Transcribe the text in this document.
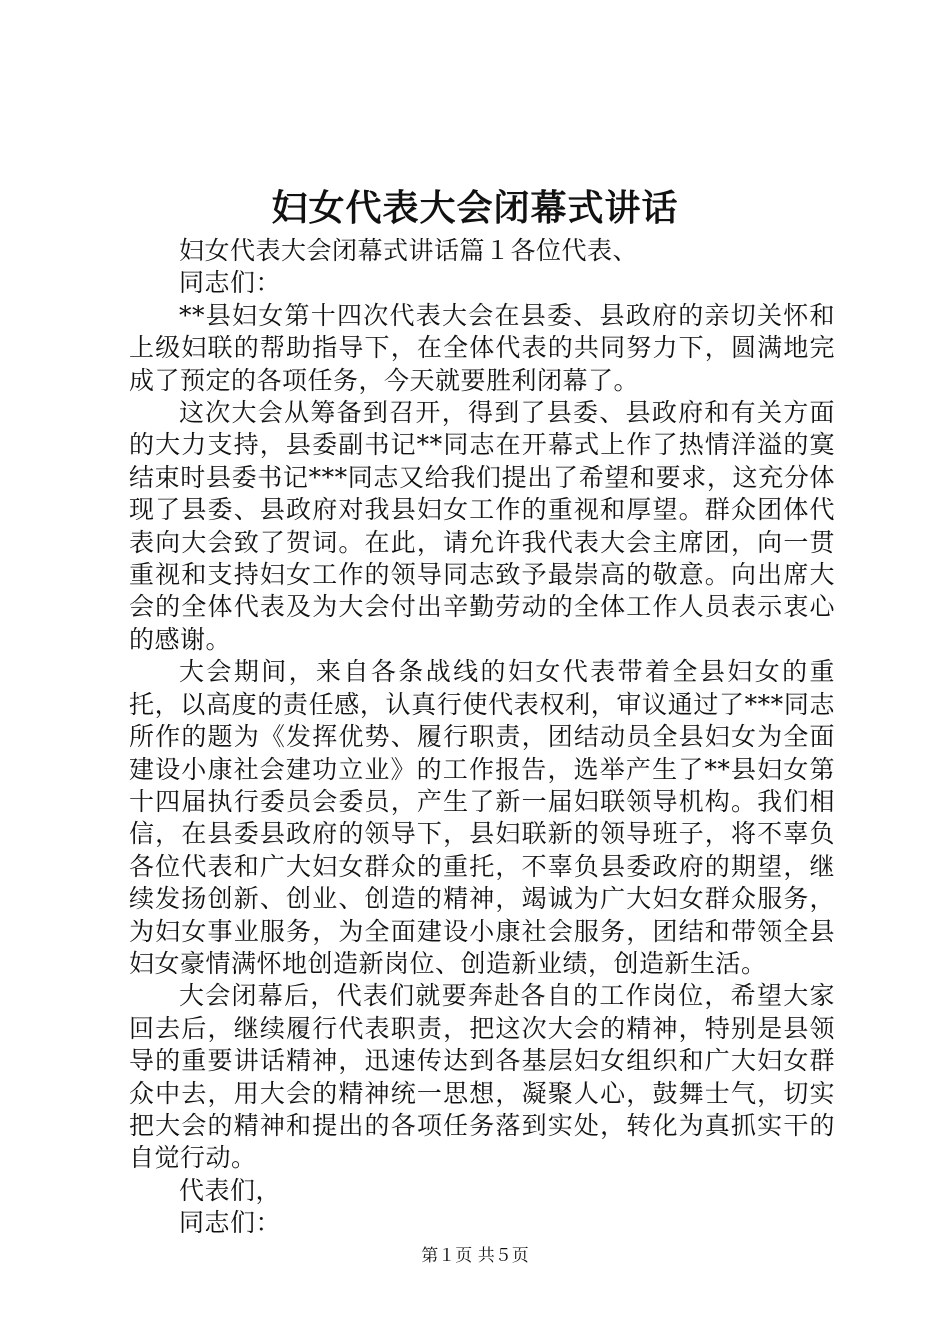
妇女代表大会闭幕式讲话

妇女代表大会闭幕式讲话篇１各位代表、

同志们：

**县妇女第十四次代表大会在县委、县政府的亲切关怀和上级妇联的帮助指导下，在全体代表的共同努力下，圆满地完成了预定的各项任务，今天就要胜利闭幕了。

这次大会从筹备到召开，得到了县委、县政府和有关方面的大力支持，县委副书记**同志在开幕式上作了热情洋溢的寞结束时县委书记***同志又给我们提出了希望和要求，这充分体现了县委、县政府对我县妇女工作的重视和厚望。群众团体代表向大会致了贺词。在此，请允许我代表大会主席团，向一贯重视和支持妇女工作的领导同志致予最崇高的敬意。向出席大会的全体代表及为大会付出辛勤劳动的全体工作人员表示衷心的感谢。

大会期间，来自各条战线的妇女代表带着全县妇女的重托，以高度的责任感，认真行使代表权利，审议通过了***同志所作的题为《发挥优势、履行职责，团结动员全县妇女为全面建设小康社会建功立业》的工作报告，选举产生了**县妇女第十四届执行委员会委员，产生了新一届妇联领导机构。我们相信，在县委县政府的领导下，县妇联新的领导班子，将不辜负各位代表和广大妇女群众的重托，不辜负县委政府的期望，继续发扬创新、创业、创造的精神，竭诚为广大妇女群众服务，为妇女事业服务，为全面建设小康社会服务，团结和带领全县妇女豪情满怀地创造新岗位、创造新业绩，创造新生活。

大会闭幕后，代表们就要奔赴各自的工作岗位，希望大家回去后，继续履行代表职责，把这次大会的精神，特别是县领导的重要讲话精神，迅速传达到各基层妇女组织和广大妇女群众中去，用大会的精神统一思想，凝聚人心，鼓舞士气，切实把大会的精神和提出的各项任务落到实处，转化为真抓实干的自觉行动。

代表们，

同志们：

第１页 共５页
